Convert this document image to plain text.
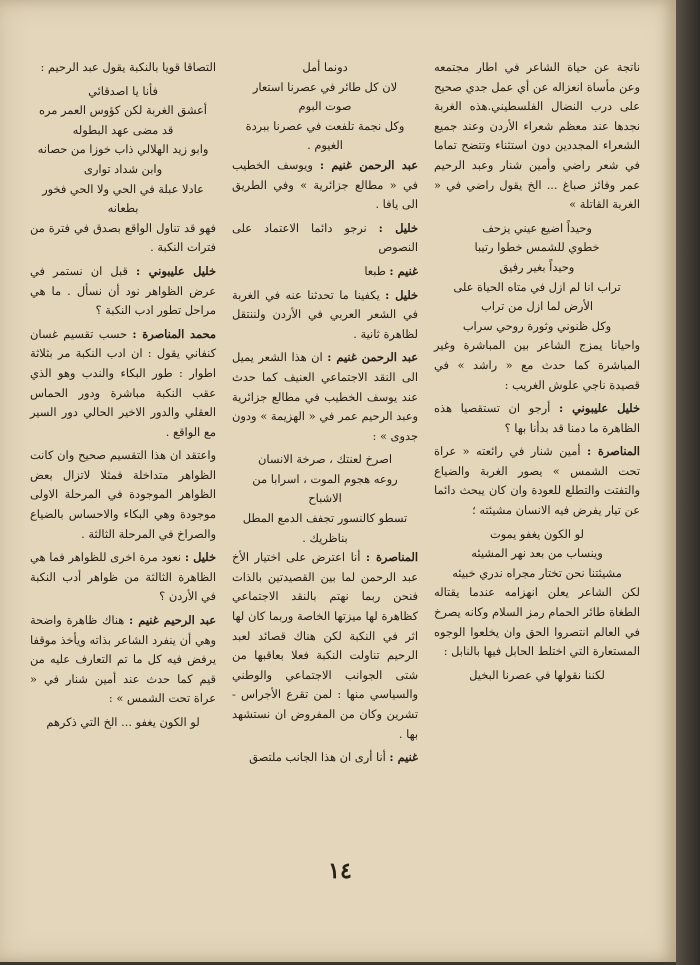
ناتجة عن حياة الشاعر في اطار مجتمعه وعن مأساة انعزاله عن أي عمل جدي صحيح على درب النضال الفلسطيني.هذه الغربة نجدها عند معظم شعراء الأردن وعند جميع الشعراء المجددين دون استثناء وتتضح تماما في شعر راضي وأمين شنار وعبد الرحيم عمر وفائز صباغ ... الخ يقول راضي في « الغربة القاتلة »

وحيداً اضيع عيني يزحف

خطوي للشمس خطوا رتيبا

وحيداً بغير رفيق

تراب انا لم ازل في متاه الحياة على

الأرض لما ازل من تراب

وكل ظنوني وثورة روحي سراب

واحيانا يمزج الشاعر بين المباشرة وغير المباشرة كما حدث مع « راشد » في قصيدة ناجي علوش الغريب :

خليل عليبوني : أرجو ان تستقصيا هذه الظاهرة ما دمنا قد بدأنا بها ؟

المناصرة : أمين شنار في رائعته « عراة تحت الشمس » يصور الغربة والضياع والتفتت والتطلع للعودة وان كان يبحث دائما عن تيار يفرض فيه الانسان مشيئته ؛

لو الكون يغفو يموت

وينساب من بعد نهر المشيئه

مشيئتنا نحن تختار مجراه ندري خبيئه

لكن الشاعر يعلن انهزامه عندما يقتاله الطغاة طائر الحمام رمز السلام وكانه يصرخ في العالم انتصروا الحق وان يخلعوا الوجوه المستعارة التي اختلط الحابل فيها بالنابل :

لكننا نقولها في عصرنا البخيل

دونما أمل

لان كل طائر في عصرنا استعار

صوت البوم

وكل نجمة تلفعت في عصرنا ببردة

الغيوم .

عبد الرحمن غنيم : ويوسف الخطيب في « مطالع جزائرية » وفي الطريق الى يافا .

خليل : نرجو دائما الاعتماد على النصوص

غنيم : طبعا

خليل : يكفينا ما تحدثنا عنه في الغربة في الشعر العربي في الأردن ولننتقل لظاهرة ثانية .

عبد الرحمن غنيم : ان هذا الشعر يميل الى النقد الاجتماعي العنيف كما حدث عند يوسف الخطيب في مطالع جزائرية وعبد الرحيم عمر في « الهزيمة » ودون جدوى » :

اصرخ لعنتك ، صرخة الانسان

روعه هجوم الموت ، اسرابا من

الاشباح

تسطو كالنسور تجفف الدمع المطل

بناظريك .

المناصرة : أنا اعترض على اختيار الأخ عبد الرحمن لما بين القصيدتين بالذات فنحن ربما نهتم بالنقد الاجتماعي كظاهرة لها ميزتها الخاصة وربما كان لها اثر في النكبة لكن هناك قصائد لعبد الرحيم تناولت النكبة فعلا بعاقبها من شتى الجوانب الاجتماعي والوطني والسياسي منها : لمن تقرع الأجراس - تشرين وكان من المفروض ان نستشهد بها .

غنيم : أنا أرى ان هذا الجانب ملتصق

التصاقا قويا بالنكبة يقول عبد الرحيم :

فأنا يا اصدقائي

أعشق الغربة لكن كؤوس العمر مره

قد مضى عهد البطوله

وابو زيد الهلالي ذاب خوزا من حصانه

وابن شداد توارى

عادلا عبلة في الحي ولا الحي فخور بطعانه

فهو قد تناول الواقع بصدق في فترة من فترات النكبة .

خليل عليبوني : قبل ان نستمر في عرض الظواهر نود أن نسأل . ما هي مراحل تطور ادب النكبة ؟

محمد المناصرة : حسب تقسيم غسان كنفاني يقول : ان ادب النكبة مر بثلاثة اطوار : طور البكاء والندب وهو الذي عقب النكبة مباشرة ودور الحماس العقلي والدور الاخير الحالي دور السير مع الواقع .

واعتقد ان هذا التقسيم صحيح وان كانت الظواهر متداخلة فمثلا لاتزال بعض الظواهر الموجودة في المرحلة الاولى موجودة وهي البكاء والاحساس بالضياع والصراخ في المرحلة الثالثة .

خليل : نعود مرة اخرى للظواهر فما هي الظاهرة الثالثة من ظواهر أدب النكبة في الأردن ؟

عبد الرحيم غنيم : هناك ظاهرة واضحة وهي أن ينفرد الشاعر بذاته ويأخذ موقفا يرفض فيه كل ما تم التعارف عليه من قيم كما حدث عند أمين شنار في « عراة تحت الشمس » :

لو الكون يغفو ... الخ التي ذكرهم

١٤
